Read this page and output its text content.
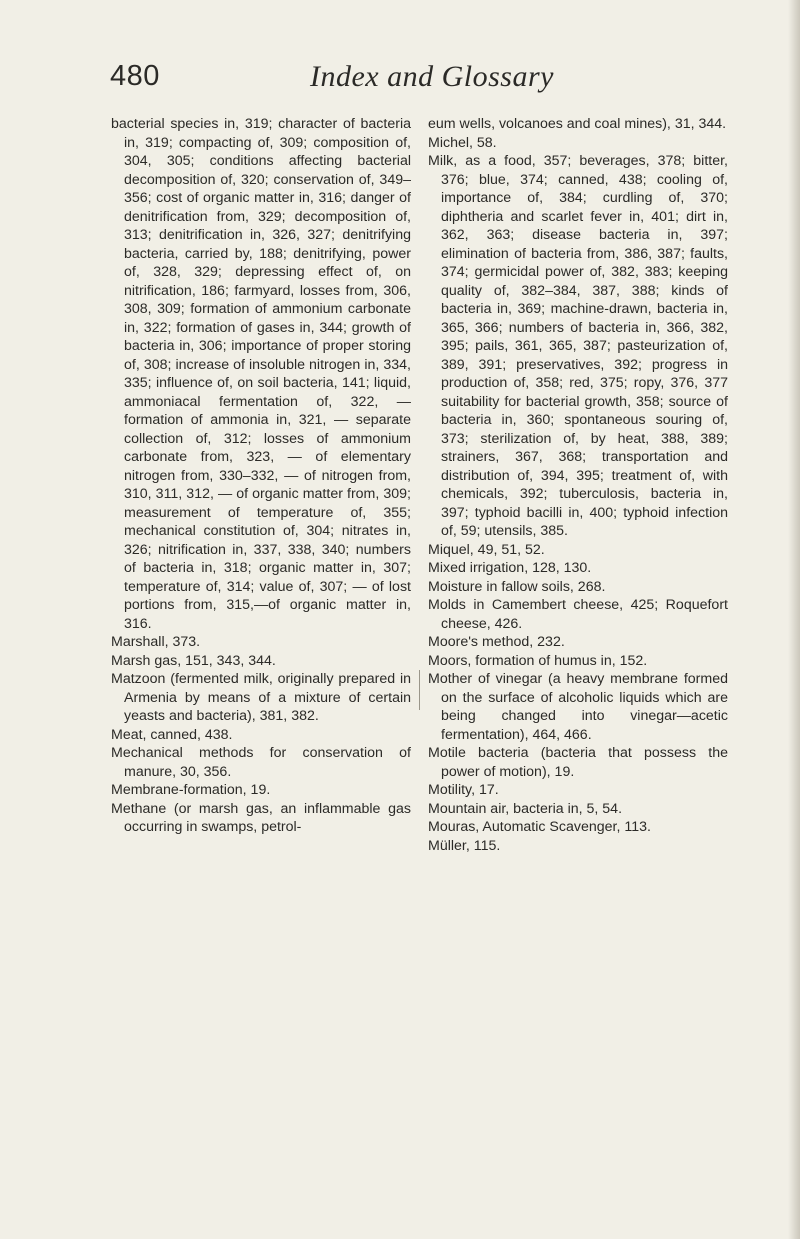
480	Index and Glossary

bacterial species in, 319; character of bacteria in, 319; compacting of, 309; composition of, 304, 305; conditions affecting bacterial decomposition of, 320; conservation of, 349–356; cost of organic matter in, 316; danger of denitrification from, 329; decomposition of, 313; denitrification in, 326, 327; denitrifying bacteria, carried by, 188; denitrifying, power of, 328, 329; depressing effect of, on nitrification, 186; farmyard, losses from, 306, 308, 309; formation of ammonium carbonate in, 322; formation of gases in, 344; growth of bacteria in, 306; importance of proper storing of, 308; increase of insoluble nitrogen in, 334, 335; influence of, on soil bacteria, 141; liquid, ammoniacal fermentation of, 322, — formation of ammonia in, 321, — separate collection of, 312; losses of ammonium carbonate from, 323, — of elementary nitrogen from, 330–332, — of nitrogen from, 310, 311, 312, — of organic matter from, 309; measurement of temperature of, 355; mechanical constitution of, 304; nitrates in, 326; nitrification in, 337, 338, 340; numbers of bacteria in, 318; organic matter in, 307; temperature of, 314; value of, 307; — of lost portions from, 315,—of organic matter in, 316.

Marshall, 373.

Marsh gas, 151, 343, 344.

Matzoon (fermented milk, originally prepared in Armenia by means of a mixture of certain yeasts and bacteria), 381, 382.

Meat, canned, 438.

Mechanical methods for conservation of manure, 30, 356.

Membrane-formation, 19.

Methane (or marsh gas, an inflammable gas occurring in swamps, petrol-

eum wells, volcanoes and coal mines), 31, 344.

Michel, 58.

Milk, as a food, 357; beverages, 378; bitter, 376; blue, 374; canned, 438; cooling of, importance of, 384; curdling of, 370; diphtheria and scarlet fever in, 401; dirt in, 362, 363; disease bacteria in, 397; elimination of bacteria from, 386, 387; faults, 374; germicidal power of, 382, 383; keeping quality of, 382–384, 387, 388; kinds of bacteria in, 369; machine-drawn, bacteria in, 365, 366; numbers of bacteria in, 366, 382, 395; pails, 361, 365, 387; pasteurization of, 389, 391; preservatives, 392; progress in production of, 358; red, 375; ropy, 376, 377 suitability for bacterial growth, 358; source of bacteria in, 360; spontaneous souring of, 373; sterilization of, by heat, 388, 389; strainers, 367, 368; transportation and distribution of, 394, 395; treatment of, with chemicals, 392; tuberculosis, bacteria in, 397; typhoid bacilli in, 400; typhoid infection of, 59; utensils, 385.

Miquel, 49, 51, 52.

Mixed irrigation, 128, 130.

Moisture in fallow soils, 268.

Molds in Camembert cheese, 425; Roquefort cheese, 426.

Moore's method, 232.

Moors, formation of humus in, 152.

Mother of vinegar (a heavy membrane formed on the surface of alcoholic liquids which are being changed into vinegar—acetic fermentation), 464, 466.

Motile bacteria (bacteria that possess the power of motion), 19.

Motility, 17.

Mountain air, bacteria in, 5, 54.

Mouras, Automatic Scavenger, 113.

Müller, 115.
